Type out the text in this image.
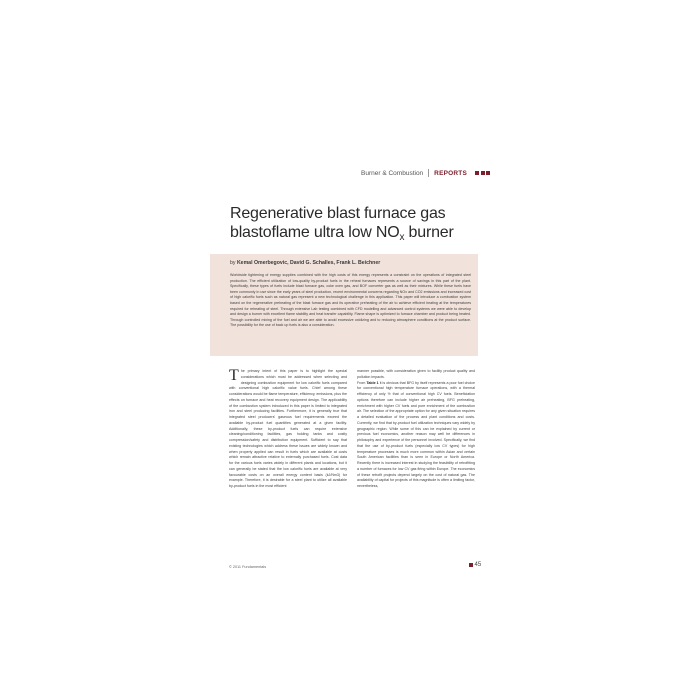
Burner & Combustion REPORTS
Regenerative blast furnace gas
blastoflame ultra low $NO_x$ burner
by Kemal Omerbegovic, David G. Schalles, Frank L. Beichner
Worldwide tightening of energy supplies combined with the high costs of this energy represents a constraint on the operations of integrated steel production. The efficient utilization of low-quality by-product fuels in the reheat furnaces represents a source of savings in this part of the plant. Specifically, these types of fuels include blast furnace gas, coke oven gas, and BOF converter gas as well as their mixtures. While these fuels have been commonly in use since the early years of steel production, recent environmental concerns regarding NOx and CO2 emissions and increased cost of high calorific fuels such as natural gas represent a new technological challenge in this application. This paper will introduce a combustion system based on the regenerative preheating of the blast furnace gas and its operative preheating of the air to achieve efficient heating at the temperatures required for reheating of steel. Through extensive Lab testing combined with CFD modelling and advanced control systems we were able to develop and design a burner with excellent flame stability and heat transfer capability. Flame shape is optimized to furnace chamber and product being heated. Through controlled mixing of the fuel and air we are able to avoid excessive oxidizing and to reducing atmosphere conditions at the product surface. The possibility for the use of back up fuels is also a consideration.
The primary intent of this paper is to highlight the special considerations which must be addressed when selecting and designing combustion equipment for low calorific fuels compared with conventional high calorific value fuels. Chief among these considerations would be flame temperature, efficiency, emissions, plus the effects on furnace and heat recovery equipment design. The applicability of the combustion system introduced in this paper is limited to integrated iron and steel producing facilities. Furthermore, it is generally true that integrated steel producers' gaseous fuel requirements exceed the available by-product fuel quantities generated at a given facility. Additionally, these by-product fuels can require extensive cleaning/conditioning facilities, gas holding tanks and costly compression/safety and distribution equipment. Sufficient to say that existing technologies which address these issues are widely known and when properly applied can result in fuels which are available at costs which remain attractive relative to externally purchased fuels. Cost data for the various fuels varies widely in different plants and locations, but it can generally be stated that the low calorific fuels are available at very favourable costs on an overall energy content basis (kJ/Nm3) for example. Therefore, it is desirable for a steel plant to utilize all available by-product fuels in the most efficient
manner possible, with consideration given to facility product quality and pollution impacts.
From Table 1 it is obvious that BFG by itself represents a poor fuel choice for conventional high temperature furnace operations, with a thermal efficiency of only ½ that of conventional high CV fuels. Beneficiation options therefore can include higher air preheating, BFG preheating, enrichment with higher CV fuels and pure enrichment of the combustion air. The selection of the appropriate option for any given situation requires a detailed evaluation of the process and plant conditions and costs. Currently, we find that by-product fuel utilization techniques vary widely by geographic region. While some of this can be explained by current or previous fuel economics, another reason may well be differences in philosophy and experience of the personnel involved. Specifically, we find that the use of by-product fuels (especially low CV types) for high temperature processes is much more common within Asian and certain South American facilities than is seen in Europe or North America. Recently there is increased interest in studying the feasibility of retrofitting a number of furnaces for low CV gas firing within Europe. The economics of these retrofit projects depend largely on the cost of natural gas. The availability of capital for projects of this magnitude is often a limiting factor, nevertheless,
© 2011 Fundamentals	45
